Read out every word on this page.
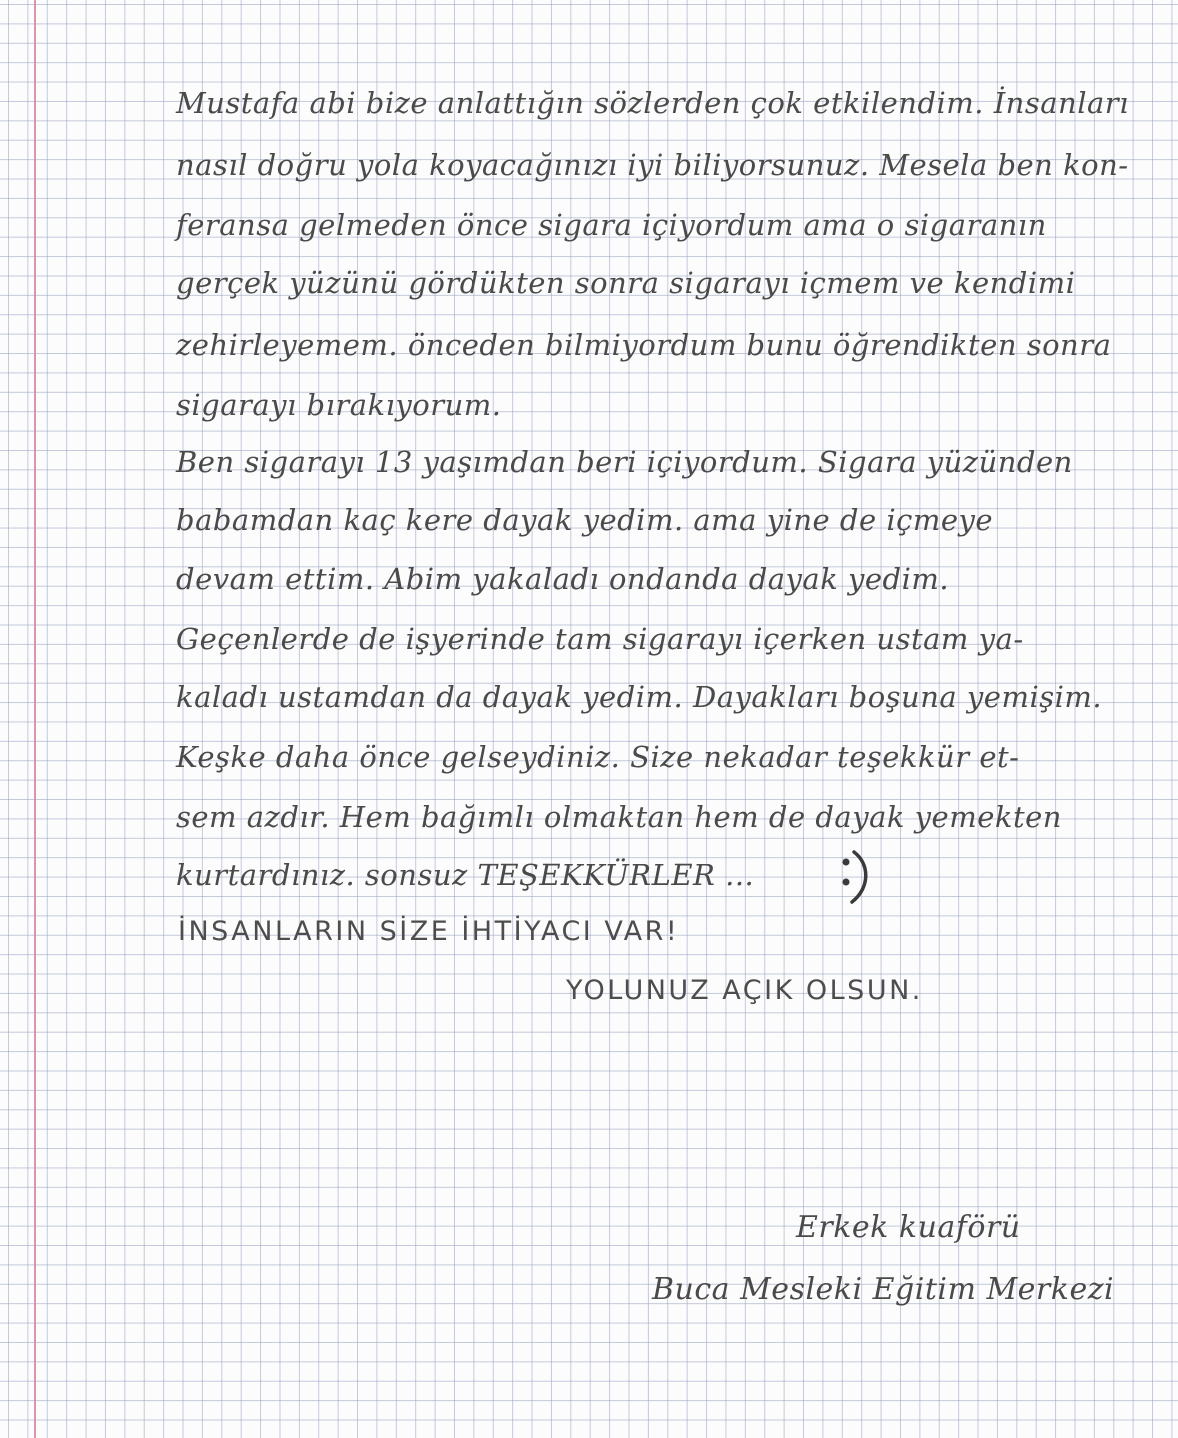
Mustafa abi bize anlattığın sözlerden çok etkilendim. İnsanları
nasıl doğru yola koyacağınızı iyi biliyorsunuz. Mesela ben kon-
feransa gelmeden önce sigara içiyordum ama o sigaranın
gerçek yüzünü gördükten sonra sigarayı içmem ve kendimi
zehirleyemem. önceden bilmiyordum bunu öğrendikten sonra
sigarayı bırakıyorum.
Ben sigarayı 13 yaşımdan beri içiyordum. Sigara yüzünden
babamdan kaç kere dayak yedim. ama yine de içmeye
devam ettim. Abim yakaladı ondanda dayak yedim.
Geçenlerde de işyerinde tam sigarayı içerken ustam ya-
kaladı ustamdan da dayak yedim. Dayakları boşuna yemişim.
Keşke daha önce gelseydiniz. Size nekadar teşekkür et-
sem azdır. Hem bağımlı olmaktan hem de dayak yemekten
kurtardınız. sonsuz TEŞEKKÜRLER ...
İNSANLARIN SİZE İHTİYACI VAR!
YOLUNUZ AÇIK OLSUN.
Erkek kuaförü
Buca Mesleki Eğitim Merkezi
